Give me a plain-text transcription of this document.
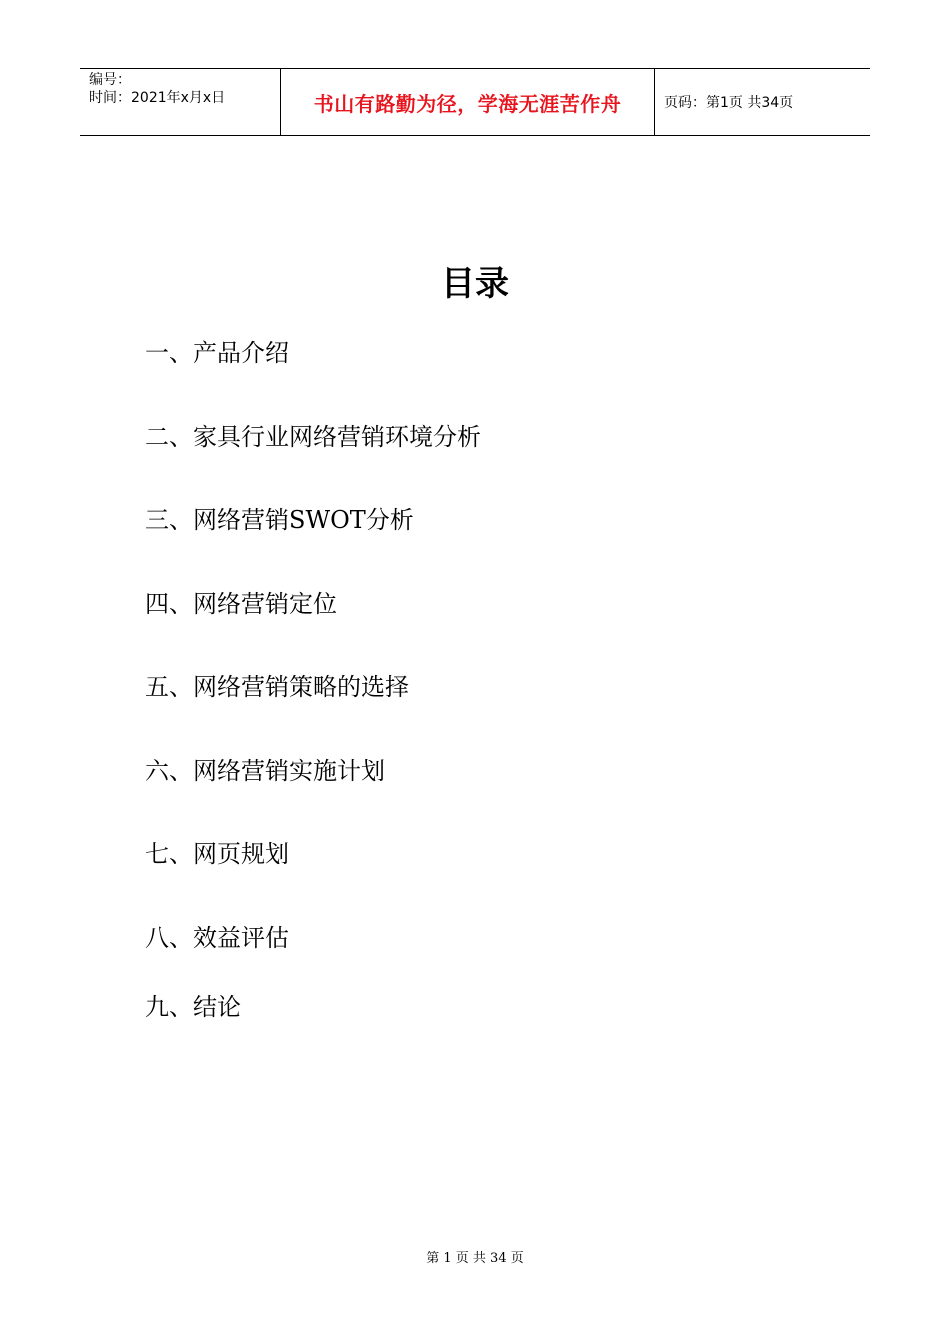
编号：
时间：2021年x月x日	书山有路勤为径，学海无涯苦作舟	页码：第1页 共34页
目录
一、产品介绍
二、家具行业网络营销环境分析
三、网络营销SWOT分析
四、网络营销定位
五、网络营销策略的选择
六、网络营销实施计划
七、网页规划
八、效益评估
九、结论
第 1 页 共 34 页
